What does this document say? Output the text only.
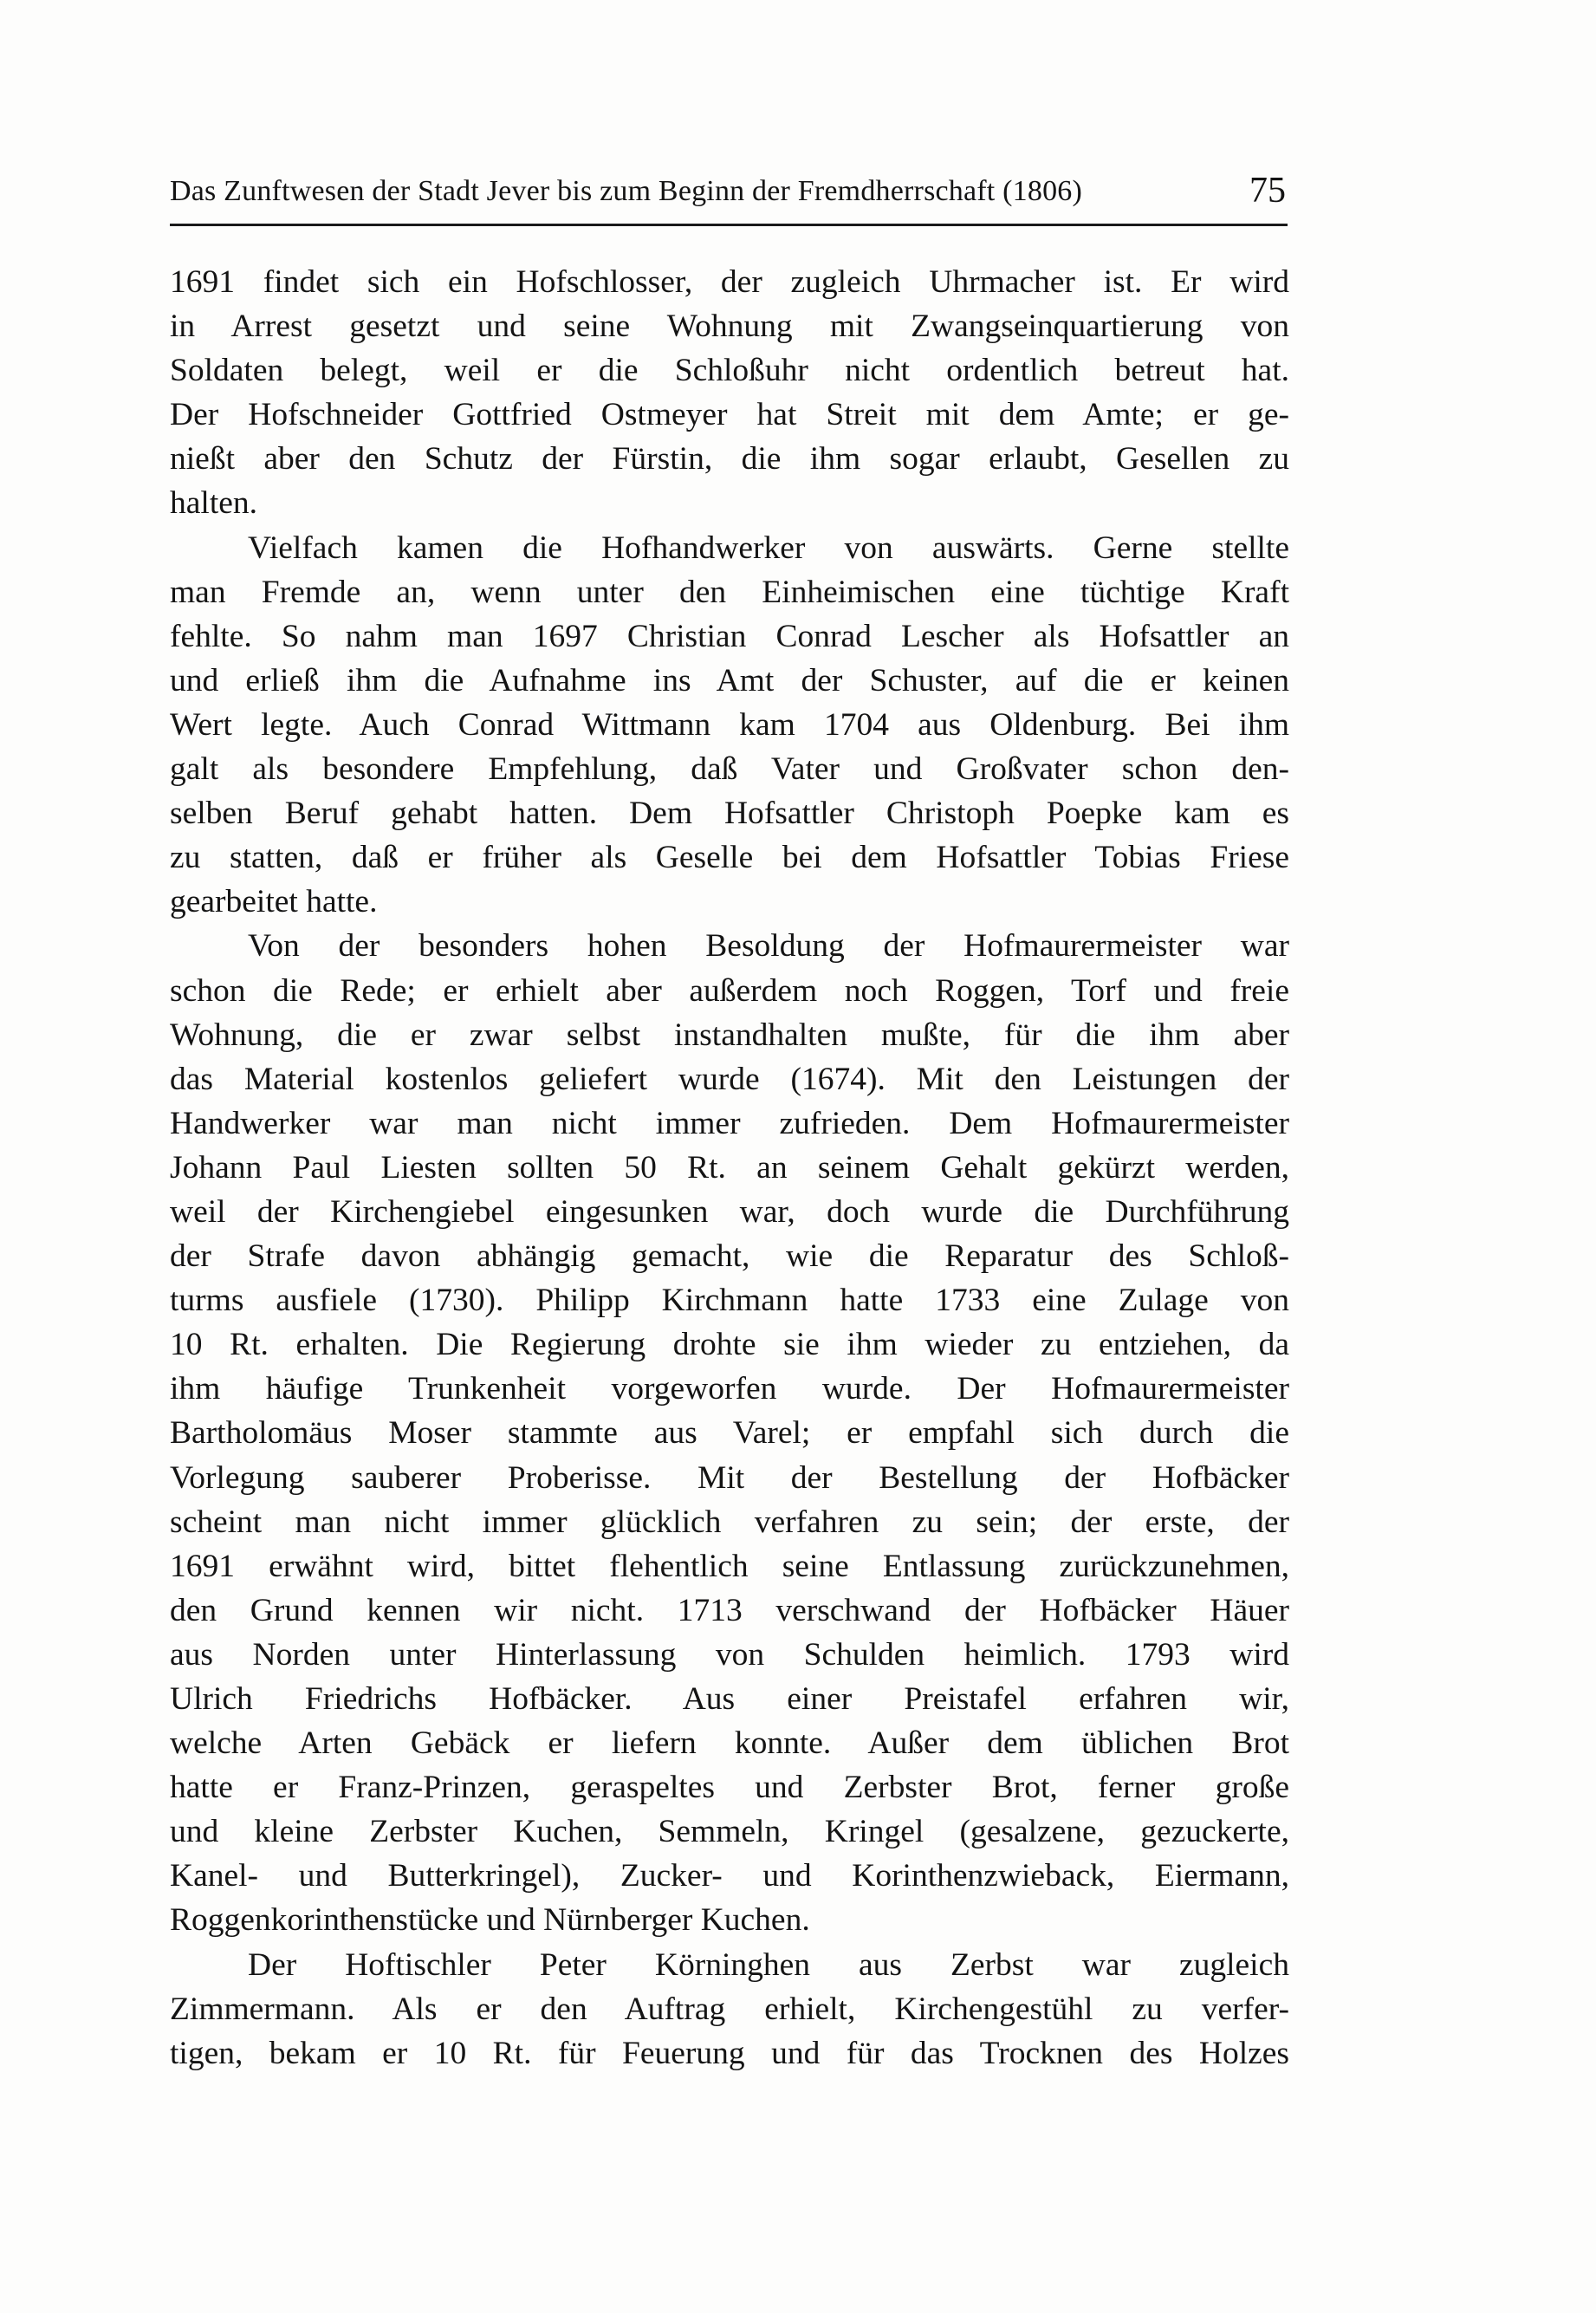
Das Zunftwesen der Stadt Jever bis zum Beginn der Fremdherrschaft (1806)	75
1691 findet sich ein Hofschlosser, der zugleich Uhrmacher ist. Er wird
in Arrest gesetzt und seine Wohnung mit Zwangseinquartierung von
Soldaten belegt, weil er die Schloßuhr nicht ordentlich betreut hat.
Der Hofschneider Gottfried Ostmeyer hat Streit mit dem Amte; er ge-
nießt aber den Schutz der Fürstin, die ihm sogar erlaubt, Gesellen zu
halten.
Vielfach kamen die Hofhandwerker von auswärts. Gerne stellte
man Fremde an, wenn unter den Einheimischen eine tüchtige Kraft
fehlte. So nahm man 1697 Christian Conrad Lescher als Hofsattler an
und erließ ihm die Aufnahme ins Amt der Schuster, auf die er keinen
Wert legte. Auch Conrad Wittmann kam 1704 aus Oldenburg. Bei ihm
galt als besondere Empfehlung, daß Vater und Großvater schon den-
selben Beruf gehabt hatten. Dem Hofsattler Christoph Poepke kam es
zu statten, daß er früher als Geselle bei dem Hofsattler Tobias Friese
gearbeitet hatte.
Von der besonders hohen Besoldung der Hofmaurermeister war
schon die Rede; er erhielt aber außerdem noch Roggen, Torf und freie
Wohnung, die er zwar selbst instandhalten mußte, für die ihm aber
das Material kostenlos geliefert wurde (1674). Mit den Leistungen der
Handwerker war man nicht immer zufrieden. Dem Hofmaurermeister
Johann Paul Liesten sollten 50 Rt. an seinem Gehalt gekürzt werden,
weil der Kirchengiebel eingesunken war, doch wurde die Durchführung
der Strafe davon abhängig gemacht, wie die Reparatur des Schloß-
turms ausfiele (1730). Philipp Kirchmann hatte 1733 eine Zulage von
10 Rt. erhalten. Die Regierung drohte sie ihm wieder zu entziehen, da
ihm häufige Trunkenheit vorgeworfen wurde. Der Hofmaurermeister
Bartholomäus Moser stammte aus Varel; er empfahl sich durch die
Vorlegung sauberer Proberisse. Mit der Bestellung der Hofbäcker
scheint man nicht immer glücklich verfahren zu sein; der erste, der
1691 erwähnt wird, bittet flehentlich seine Entlassung zurückzunehmen,
den Grund kennen wir nicht. 1713 verschwand der Hofbäcker Häuer
aus Norden unter Hinterlassung von Schulden heimlich. 1793 wird
Ulrich Friedrichs Hofbäcker. Aus einer Preistafel erfahren wir,
welche Arten Gebäck er liefern konnte. Außer dem üblichen Brot
hatte er Franz-Prinzen, geraspeltes und Zerbster Brot, ferner große
und kleine Zerbster Kuchen, Semmeln, Kringel (gesalzene, gezuckerte,
Kanel- und Butterkringel), Zucker- und Korinthenzwieback, Eiermann,
Roggenkorinthenstücke und Nürnberger Kuchen.
Der Hoftischler Peter Körninghen aus Zerbst war zugleich
Zimmermann. Als er den Auftrag erhielt, Kirchengestühl zu verfer-
tigen, bekam er 10 Rt. für Feuerung und für das Trocknen des Holzes
